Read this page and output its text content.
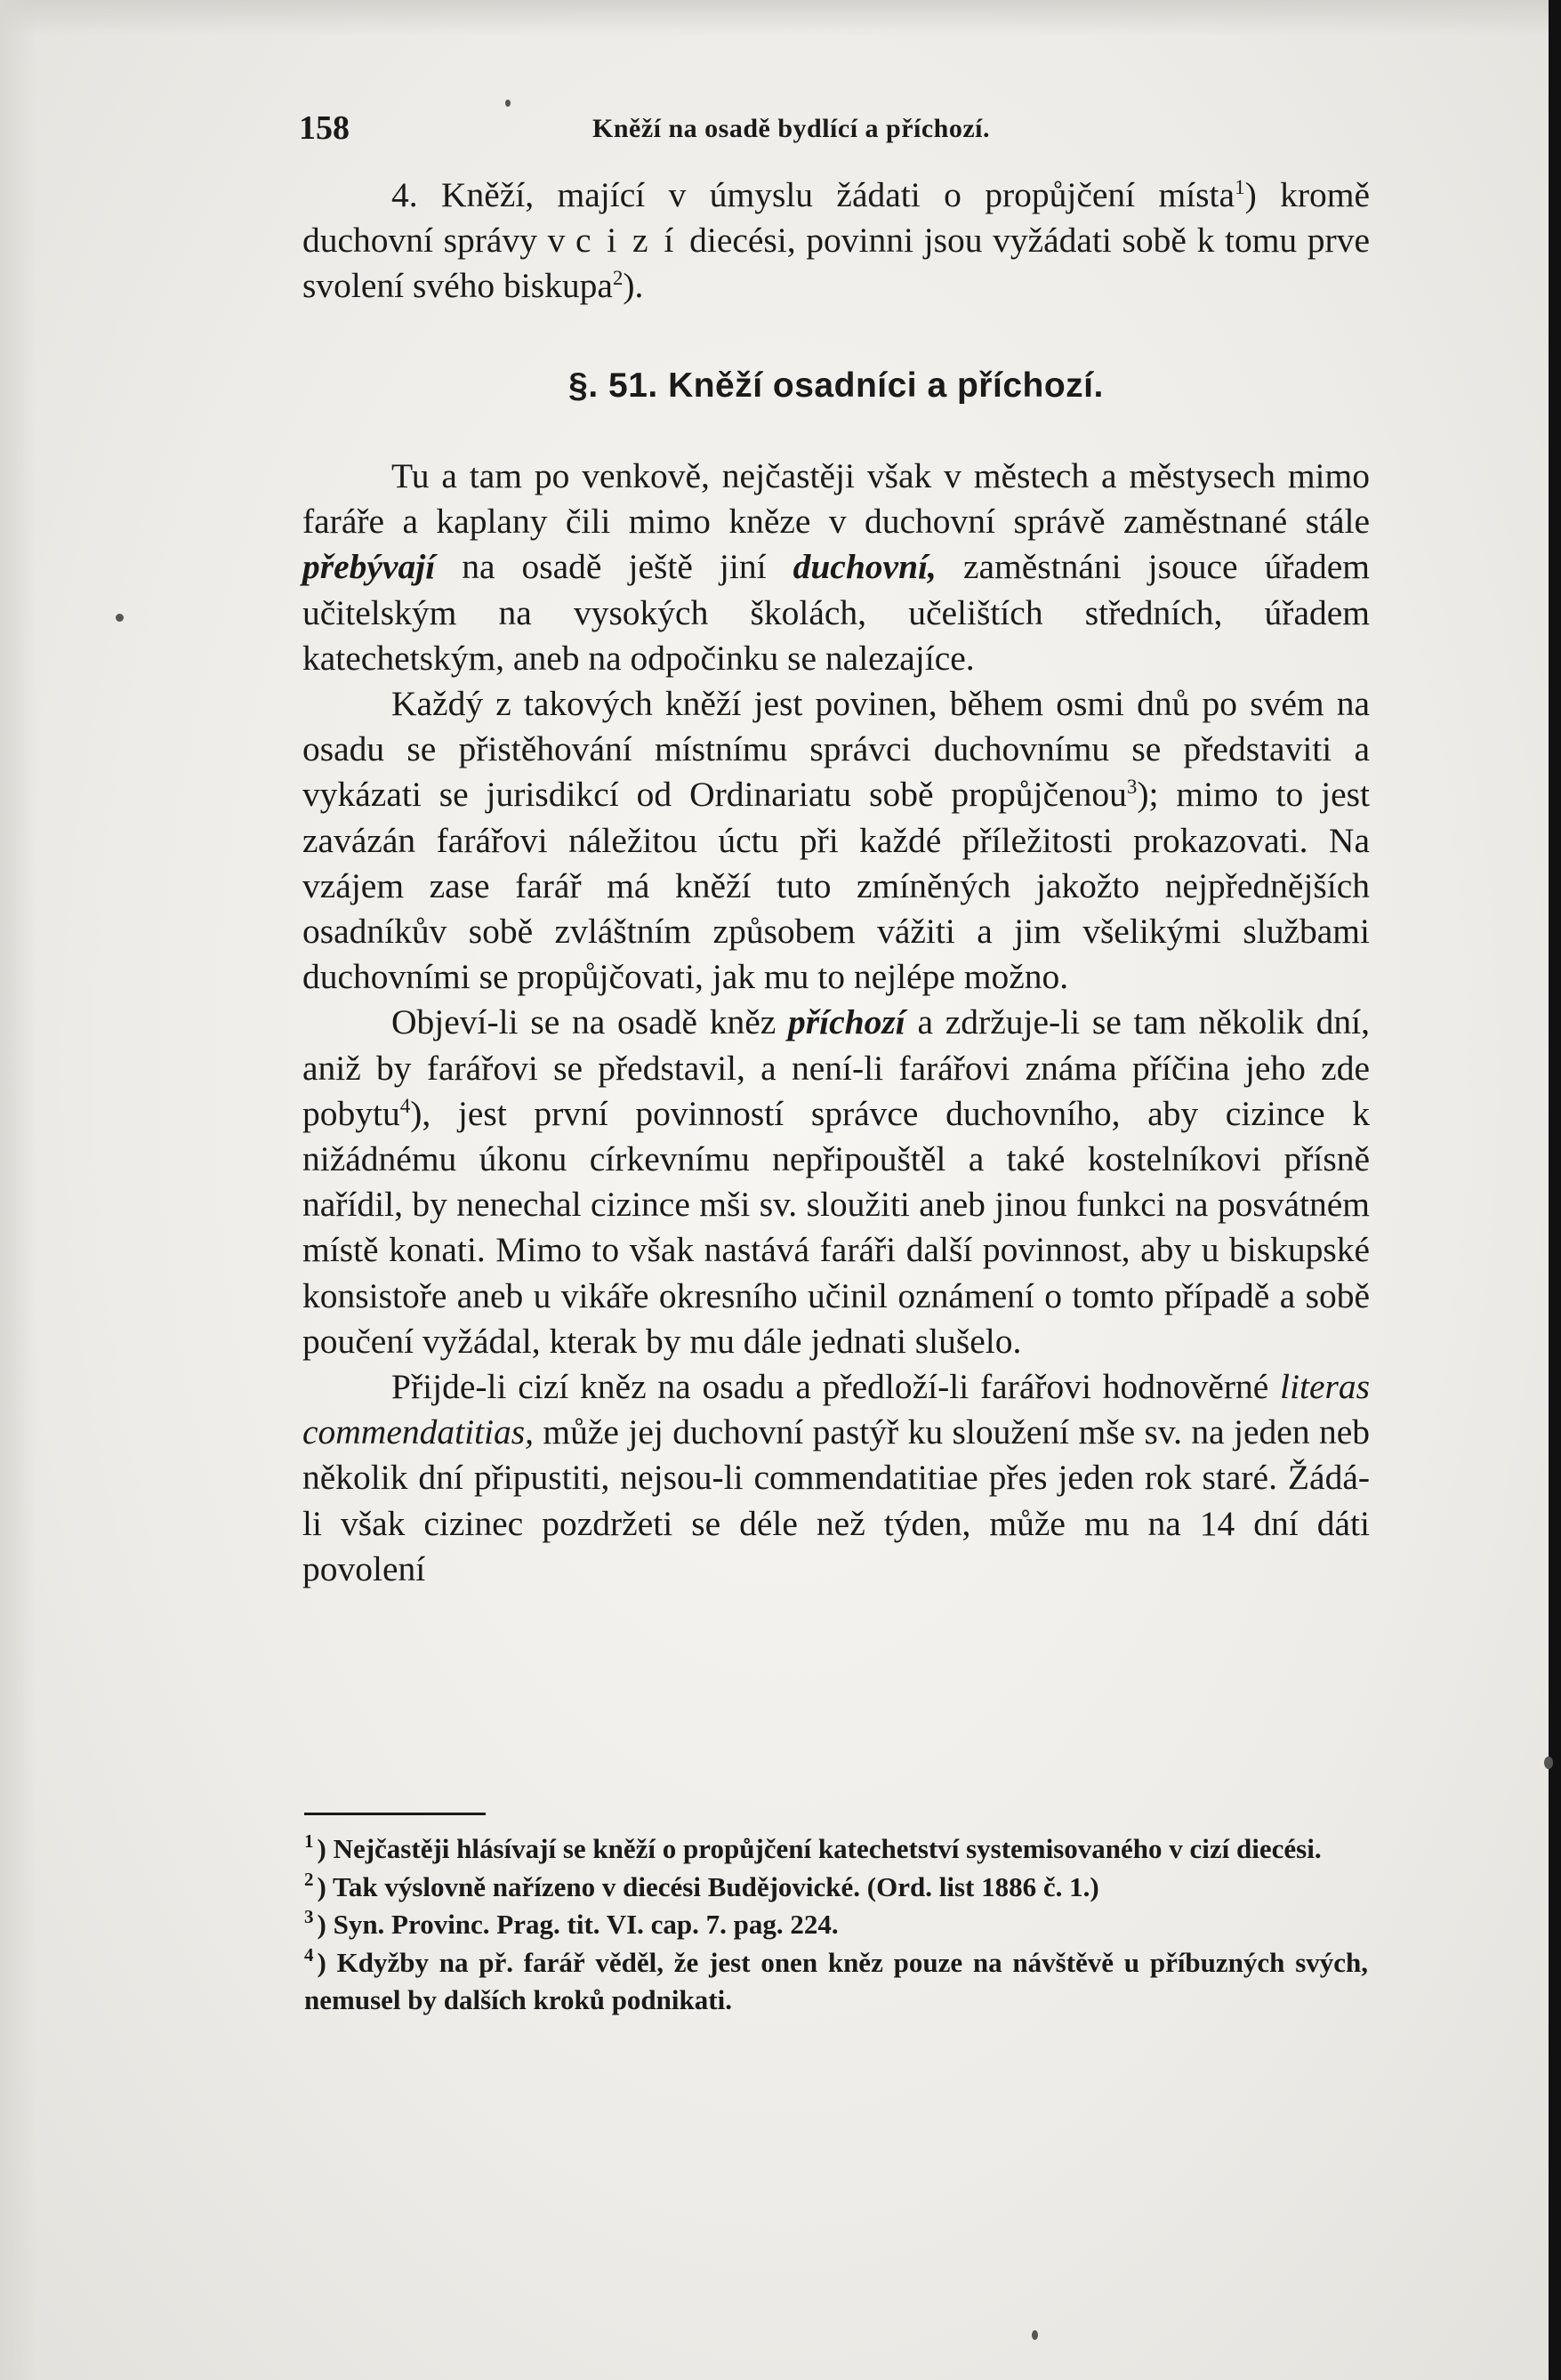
158	Kněží na osadě bydlící a příchozí.

4. Kněží, mající v úmyslu žádati o propůjčení místa$^1$) kromě duchovní správy v cizídiecési, povinni jsou vyžádati sobě k tomu prve svolení svého biskupa$^2$).

§. 51. Kněží osadníci a příchozí.

Tu a tam po venkově, nejčastěji však v městech a městysech mimo faráře a kaplany čili mimo kněze v duchovní správě zaměstnané stále přebývají na osadě ještě jiní duchovní, zaměstnáni jsouce úřadem učitelským na vysokých školách, učelištích středních, úřadem katechetským, aneb na odpočinku se nalezajíce.

Každý z takových kněží jest povinen, během osmi dnů po svém na osadu se přistěhování místnímu správci duchovnímu se představiti a vykázati se jurisdikcí od Ordinariatu sobě propůjčenou$^3$); mimo to jest zavázán farářovi náležitou úctu při každé příležitosti prokazovati. Na vzájem zase farář má kněží tuto zmíněných jakožto nejpřednějších osadníkův sobě zvláštním způsobem vážiti a jim všelikými službami duchovními se propůjčovati, jak mu to nejlépe možno.

Objeví-li se na osadě kněz příchozí a zdržuje-li se tam několik dní, aniž by farářovi se představil, a není-li farářovi známa příčina jeho zde pobytu$^4$), jest první povinností správce duchovního, aby cizince k nižádnému úkonu církevnímu nepřipouštěl a také kostelníkovi přísně nařídil, by nenechal cizince mši sv. sloužiti aneb jinou funkci na posvátném místě konati. Mimo to však nastává faráři další povinnost, aby u biskupské konsistoře aneb u vikáře okresního učinil oznámení o tomto případě a sobě poučení vyžádal, kterak by mu dále jednati slušelo.

Přijde-li cizí kněz na osadu a předloží-li farářovi hodnověrné literas commendatitias, může jej duchovní pastýř ku sloužení mše sv. na jeden neb několik dní připustiti, nejsou-li commendatitiae přes jeden rok staré. Žádá-li však cizinec pozdržeti se déle než týden, může mu na 14 dní dáti povolení

$^1$ ) Nejčastěji hlásívají se kněží o propůjčení katechetství systemisovaného v cizí diecési.
$^2$ ) Tak výslovně nařízeno v diecési Budějovické. (Ord. list 1886 č. 1.)
$^3$ ) Syn. Provinc. Prag. tit. VI. cap. 7. pag. 224.
$^4$ ) Kdyžby na př. farář věděl, že jest onen kněz pouze na návštěvě u příbuzných svých, nemusel by dalších kroků podnikati.
